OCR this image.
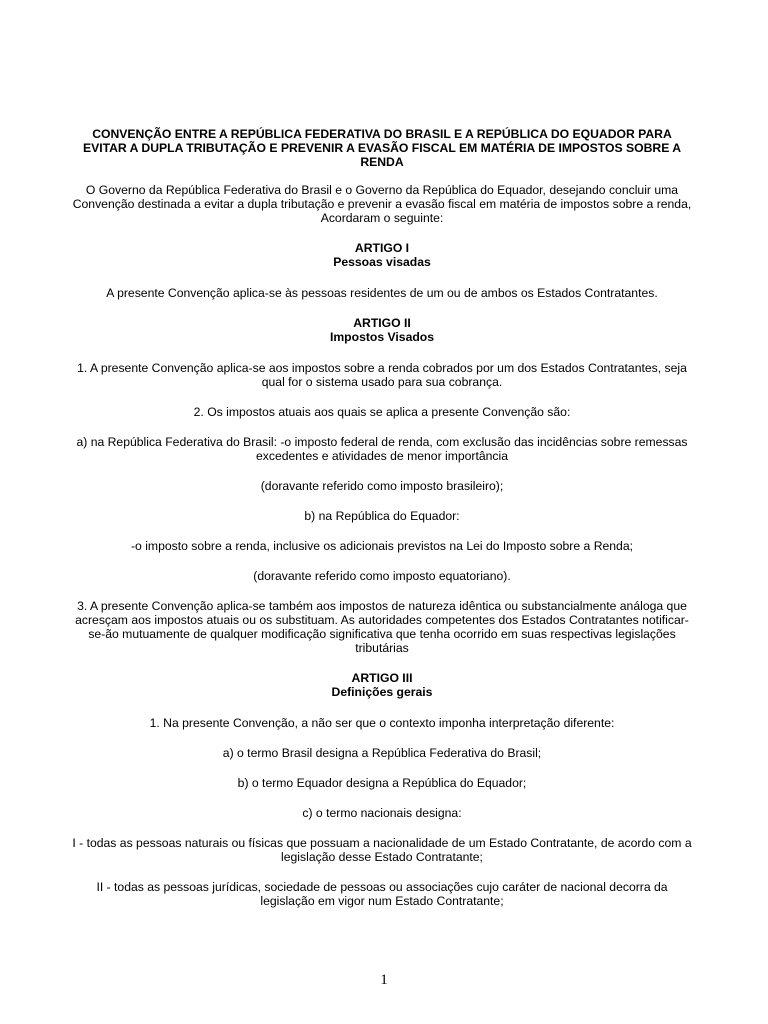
CONVENÇÃO ENTRE A REPÚBLICA FEDERATIVA DO BRASIL E A REPÚBLICA DO EQUADOR PARA EVITAR A DUPLA TRIBUTAÇÃO E PREVENIR A EVASÃO FISCAL EM MATÉRIA DE IMPOSTOS SOBRE A RENDA
O Governo da República Federativa do Brasil e o Governo da República do Equador, desejando concluir uma Convenção destinada a evitar a dupla tributação e prevenir a evasão fiscal em matéria de impostos sobre a renda, Acordaram o seguinte:
ARTIGO I
Pessoas visadas
A presente Convenção aplica-se às pessoas residentes de um ou de ambos os Estados Contratantes.
ARTIGO II
Impostos Visados
1. A presente Convenção aplica-se aos impostos sobre a renda cobrados por um dos Estados Contratantes, seja qual for o sistema usado para sua cobrança.
2. Os impostos atuais aos quais se aplica a presente Convenção são:
a) na República Federativa do Brasil: -o imposto federal de renda, com exclusão das incidências sobre remessas excedentes e atividades de menor importância
(doravante referido como imposto brasileiro);
b) na República do Equador:
-o imposto sobre a renda, inclusive os adicionais previstos na Lei do Imposto sobre a Renda;
(doravante referido como imposto equatoriano).
3. A presente Convenção aplica-se também aos impostos de natureza idêntica ou substancialmente análoga que acresçam aos impostos atuais ou os substituam. As autoridades competentes dos Estados Contratantes notificar-se-ão mutuamente de qualquer modificação significativa que tenha ocorrido em suas respectivas legislações tributárias
ARTIGO III
Definições gerais
1. Na presente Convenção, a não ser que o contexto imponha interpretação diferente:
a) o termo Brasil designa a República Federativa do Brasil;
b) o termo Equador designa a República do Equador;
c) o termo nacionais designa:
I - todas as pessoas naturais ou físicas que possuam a nacionalidade de um Estado Contratante, de acordo com a legislação desse Estado Contratante;
II - todas as pessoas jurídicas, sociedade de pessoas ou associações cujo caráter de nacional decorra da legislação em vigor num Estado Contratante;
1
